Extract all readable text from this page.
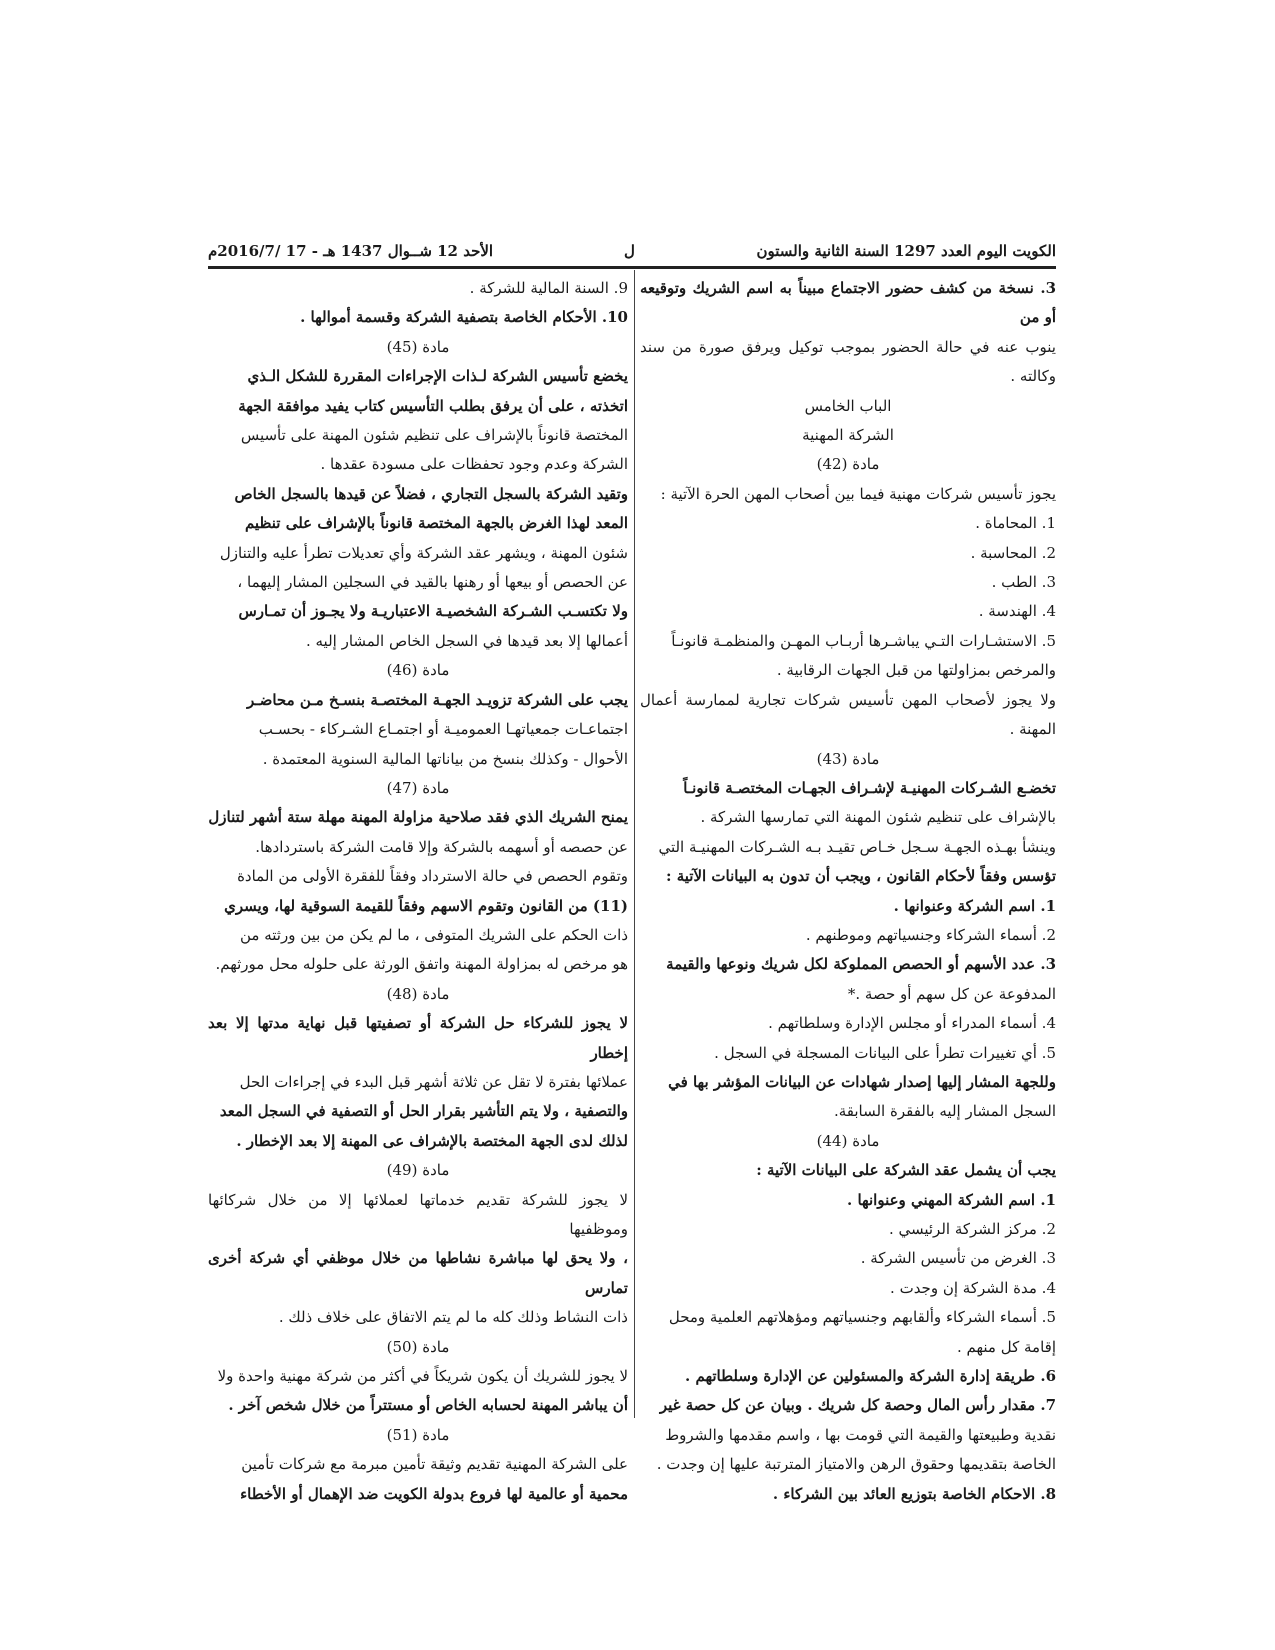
الكويت اليوم العدد 1297 السنة الثانية والستون
ل
الأحد 12 شــوال 1437 هـ - 17 /2016/7م

3. نسخة من كشف حضور الاجتماع مبيناً به اسم الشريك وتوقيعه أو من

ينوب عنه في حالة الحضور بموجب توكيل ويرفق صورة من سند وكالته .

الباب الخامس

الشركة المهنية

مادة (42)

يجوز تأسيس شركات مهنية فيما بين أصحاب المهن الحرة الآتية :

1. المحاماة .

2. المحاسبة .

3. الطب .

4. الهندسة .

5. الاستشـارات التـي يباشـرها أربـاب المهـن والمنظمـة قانونـاً

والمرخص بمزاولتها من قبل الجهات الرقابية .

ولا يجوز لأصحاب المهن تأسيس شركات تجارية لممارسة أعمال المهنة .

مادة (43)

تخضـع الشـركات المهنيـة لإشـراف الجهـات المختصـة قانونـاً

بالإشراف على تنظيم شئون المهنة التي تمارسها الشركة .

وينشأ بهـذه الجهـة سـجل خـاص تقيـد بـه الشـركات المهنيـة التي

تؤسس وفقاً لأحكام القانون ، ويجب أن تدون به البيانات الآتية :

1. اسم الشركة وعنوانها .

2. أسماء الشركاء وجنسياتهم وموطنهم .

3. عدد الأسهم أو الحصص المملوكة لكل شريك ونوعها والقيمة

المدفوعة عن كل سهم أو حصة .*

4. أسماء المدراء أو مجلس الإدارة وسلطاتهم .

5. أي تغييرات تطرأ على البيانات المسجلة في السجل .

وللجهة المشار إليها إصدار شهادات عن البيانات المؤشر بها في

السجل المشار إليه بالفقرة السابقة.

مادة (44)

يجب أن يشمل عقد الشركة على البيانات الآتية :

1. اسم الشركة المهني وعنوانها .

2. مركز الشركة الرئيسي .

3. الغرض من تأسيس الشركة .

4. مدة الشركة إن وجدت .

5. أسماء الشركاء وألقابهم وجنسياتهم ومؤهلاتهم العلمية ومحل

إقامة كل منهم .

6. طريقة إدارة الشركة والمسئولين عن الإدارة وسلطاتهم .

7. مقدار رأس المال وحصة كل شريك . وبيان عن كل حصة غير

نقدية وطبيعتها والقيمة التي قومت بها ، واسم مقدمها والشروط

الخاصة بتقديمها وحقوق الرهن والامتياز المترتبة عليها إن وجدت .

8. الاحكام الخاصة بتوزيع العائد بين الشركاء .

9. السنة المالية للشركة .

10. الأحكام الخاصة بتصفية الشركة وقسمة أموالها .

مادة (45)

يخضع تأسيس الشركة لـذات الإجراءات المقررة للشكل الـذي

اتخذته ، على أن يرفق بطلب التأسيس كتاب يفيد موافقة الجهة

المختصة قانوناً بالإشراف على تنظيم شئون المهنة على تأسيس

الشركة وعدم وجود تحفظات على مسودة عقدها .

وتقيد الشركة بالسجل التجاري ، فضلاً عن قيدها بالسجل الخاص

المعد لهذا الغرض بالجهة المختصة قانوناً بالإشراف على تنظيم

شئون المهنة ، ويشهر عقد الشركة وأي تعديلات تطرأ عليه والتنازل

عن الحصص أو بيعها أو رهنها بالقيد في السجلين المشار إليهما ،

ولا تكتسـب الشـركة الشخصيـة الاعتباريـة ولا يجـوز أن تمـارس

أعمالها إلا بعد قيدها في السجل الخاص المشار إليه .

مادة (46)

يجب على الشركة تزويـد الجهـة المختصـة بنسـخ مـن محاضـر

اجتماعـات جمعياتهـا العموميـة أو اجتمـاع الشـركاء - بحسـب

الأحوال - وكذلك بنسخ من بياناتها المالية السنوية المعتمدة .

مادة (47)

يمنح الشريك الذي فقد صلاحية مزاولة المهنة مهلة ستة أشهر لتنازل

عن حصصه أو أسهمه بالشركة وإلا قامت الشركة باستردادها.

وتقوم الحصص في حالة الاسترداد وفقاً للفقرة الأولى من المادة

(11) من القانون وتقوم الاسهم وفقاً للقيمة السوقية لها، ويسري

ذات الحكم على الشريك المتوفى ، ما لم يكن من بين ورثته من

هو مرخص له بمزاولة المهنة واتفق الورثة على حلوله محل مورثهم.

مادة (48)

لا يجوز للشركاء حل الشركة أو تصفيتها قبل نهاية مدتها إلا بعد إخطار

عملائها بفترة لا تقل عن ثلاثة أشهر قبل البدء في إجراءات الحل

والتصفية ، ولا يتم التأشير بقرار الحل أو التصفية في السجل المعد

لذلك لدى الجهة المختصة بالإشراف عى المهنة إلا بعد الإخطار .

مادة (49)

لا يجوز للشركة تقديم خدماتها لعملائها إلا من خلال شركائها وموظفيها

، ولا يحق لها مباشرة نشاطها من خلال موظفي أي شركة أخرى تمارس

ذات النشاط وذلك كله ما لم يتم الاتفاق على خلاف ذلك .

مادة (50)

لا يجوز للشريك أن يكون شريكاً في أكثر من شركة مهنية واحدة ولا

أن يباشر المهنة لحسابه الخاص أو مستتراً من خلال شخص آخر .

مادة (51)

على الشركة المهنية تقديم وثيقة تأمين مبرمة مع شركات تأمين

محمية أو عالمية لها فروع بدولة الكويت ضد الإهمال أو الأخطاء
